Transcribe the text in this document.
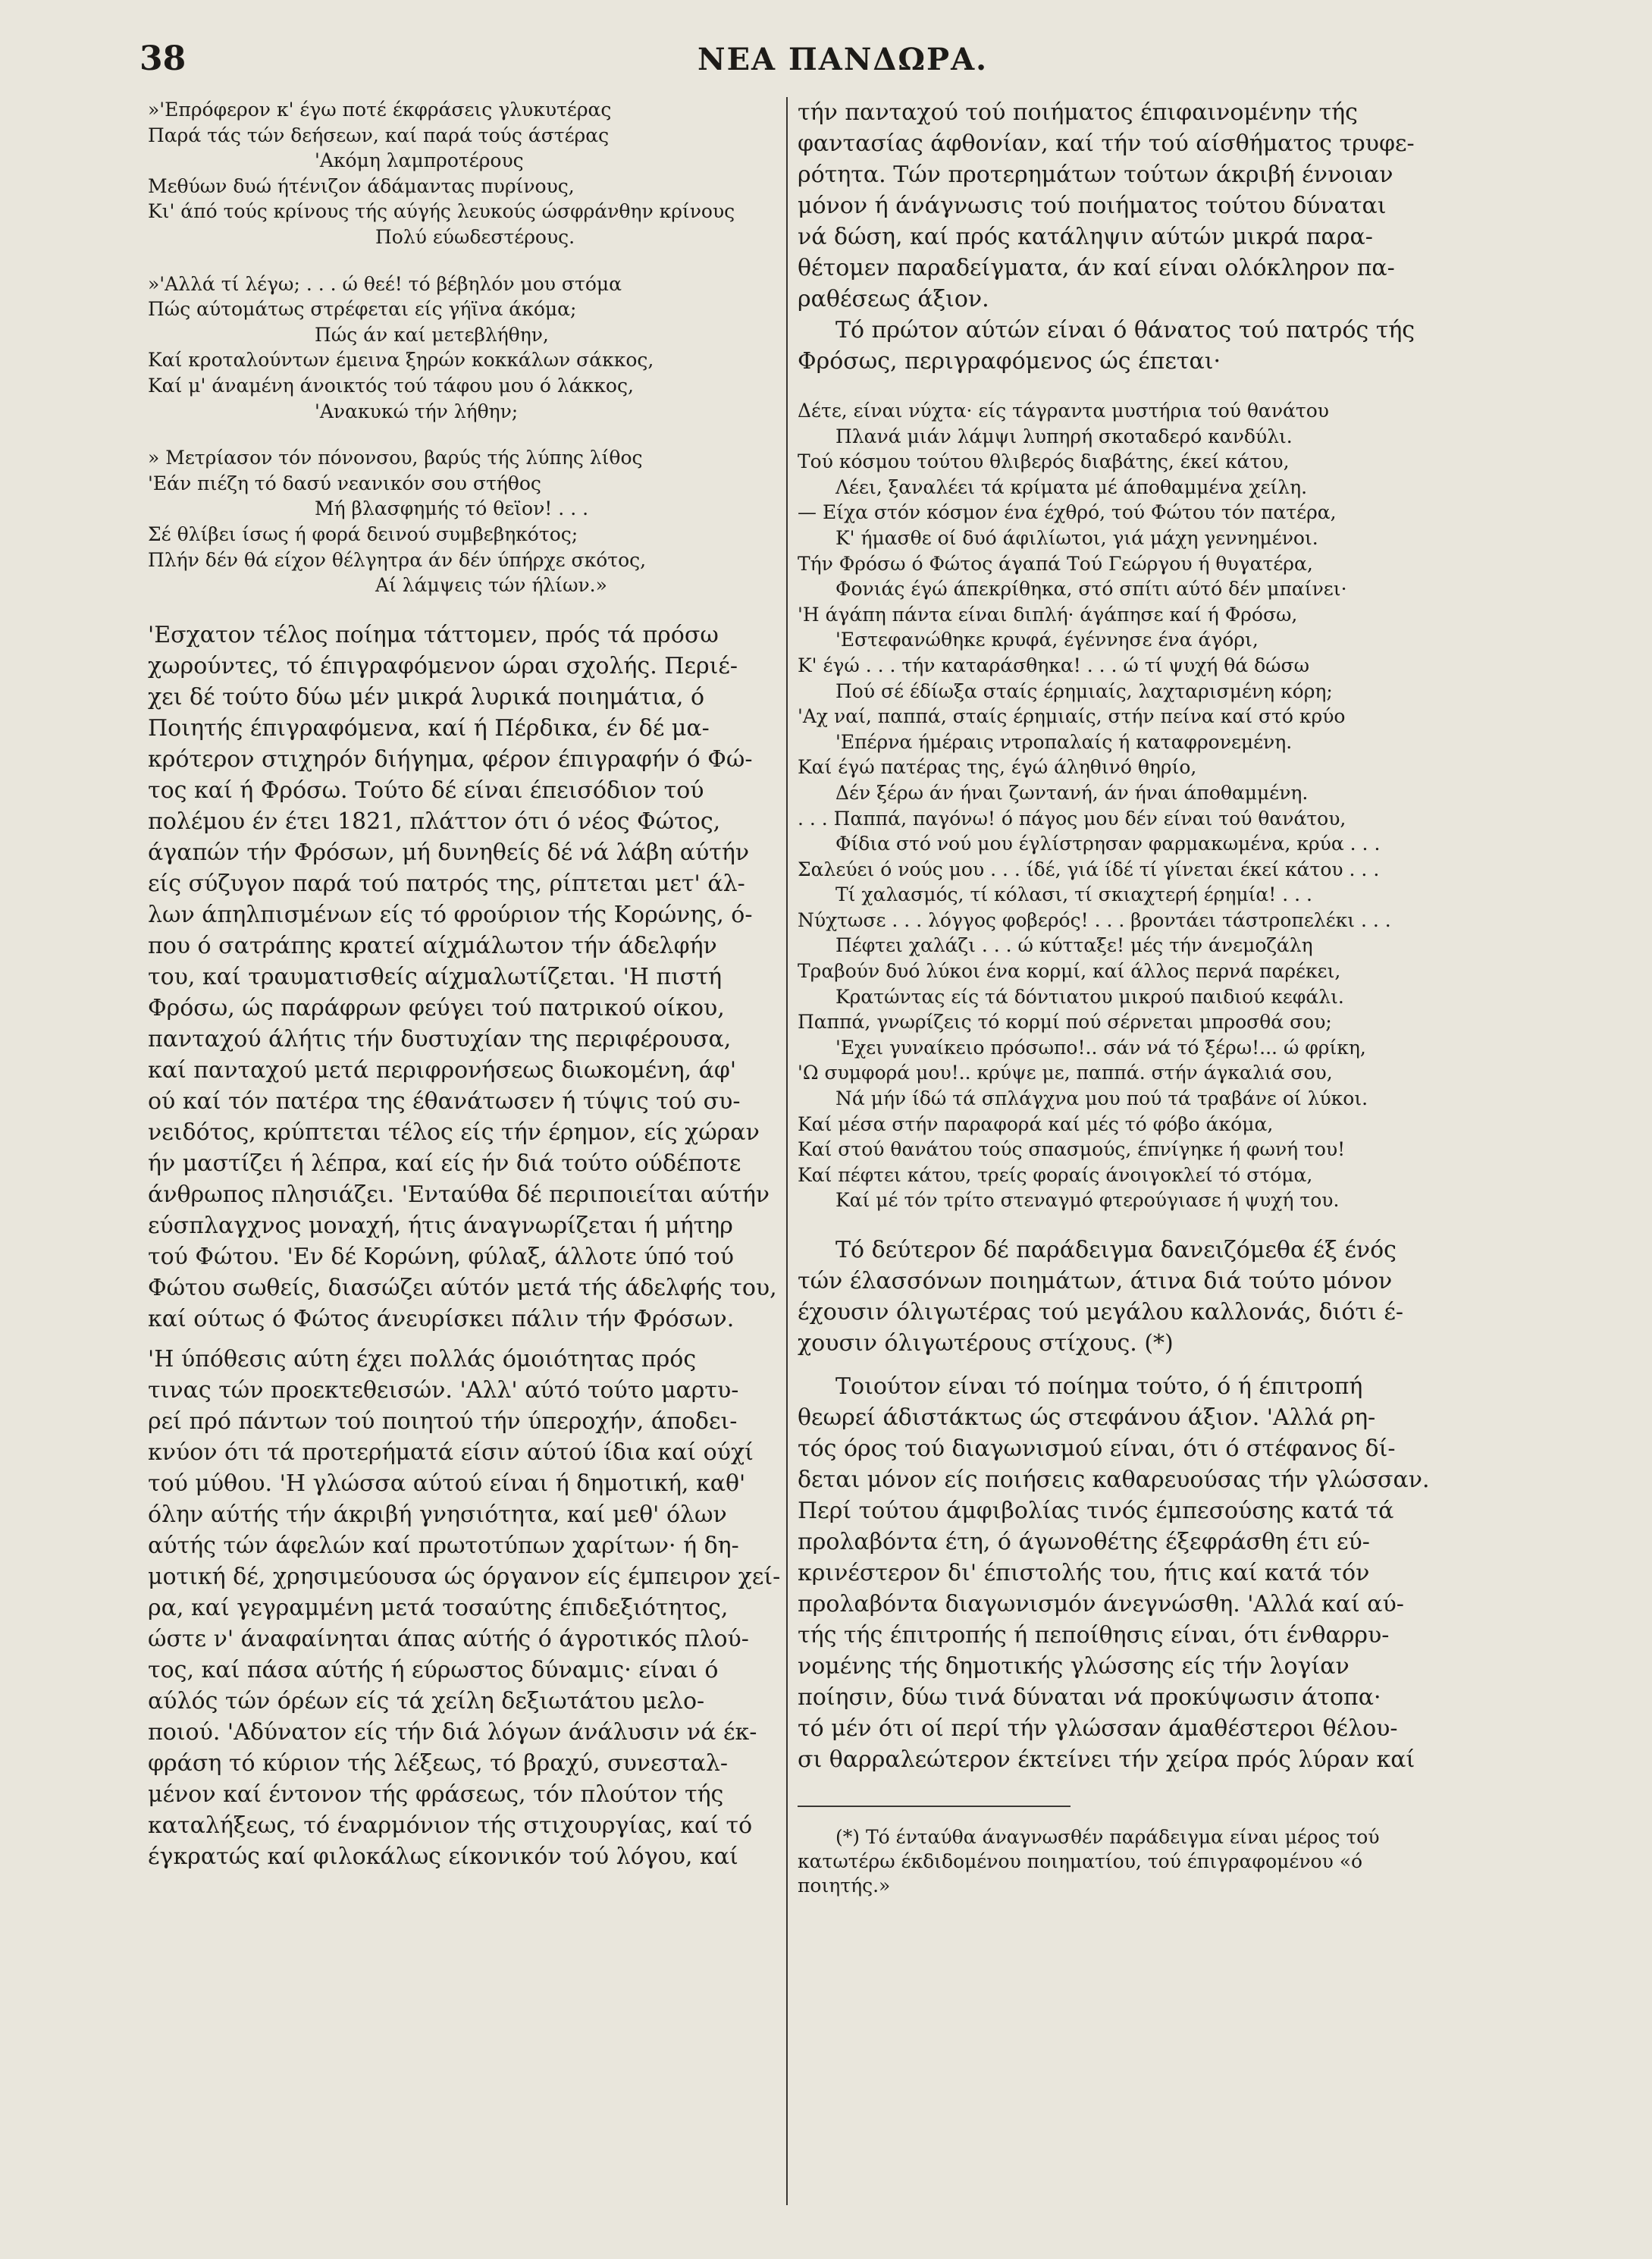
38	ΝΕΑ ΠΑΝΔΩΡΑ.
»'Επρόφερον κ' έγω ποτέ έκφράσεις γλυκυτέρας
Παρά τάς τών δεήσεων, καί παρά τούς άστέρας
'Ακόμη λαμπροτέρους
Μεθύων δυώ ήτένιζον άδάμαντας πυρίνους,
Κι' άπό τούς κρίνους τής αύγής λευκούς ώσφράνθην κρίνους
Πολύ εύωδεστέρους.
»'Αλλά τί λέγω; . . . ώ θεέ! τό βέβηλόν μου στόμα
Πώς αύτομάτως στρέφεται είς γήϊνα άκόμα;
Πώς άν καί μετεβλήθην,
Καί κροταλούντων έμεινα ξηρών κοκκάλων σάκκος,
Καί μ' άναμένη άνοικτός τού τάφου μου ό λάκκος,
'Ανακυκώ τήν λήθην;
» Μετρίασον τόν πόνονσου, βαρύς τής λύπης λίθος
'Εάν πιέζη τό δασύ νεανικόν σου στήθος
Μή βλασφημής τό θεϊον! . . .
Σέ θλίβει ίσως ή φορά δεινού συμβεβηκότος;
Πλήν δέν θά είχον θέλγητρα άν δέν ύπήρχε σκότος,
Αί λάμψεις τών ήλίων.»
'Εσχατον τέλος ποίημα τάττομεν, πρός τά πρόσω
χωρούντες, τό έπιγραφόμενον ώραι σχολής. Περιέ-
χει δέ τούτο δύω μέν μικρά λυρικά ποιημάτια, ό
Ποιητής έπιγραφόμενα, καί ή Πέρδικα, έν δέ μα-
κρότερον στιχηρόν διήγημα, φέρον έπιγραφήν ό Φώ-
τος καί ή Φρόσω. Τούτο δέ είναι έπεισόδιον τού
πολέμου έν έτει 1821, πλάττον ότι ό νέος Φώτος,
άγαπών τήν Φρόσων, μή δυνηθείς δέ νά λάβη αύτήν
είς σύζυγον παρά τού πατρός της, ρίπτεται μετ' άλ-
λων άπηλπισμένων είς τό φρούριον τής Κορώνης, ό-
που ό σατράπης κρατεί αίχμάλωτον τήν άδελφήν
του, καί τραυματισθείς αίχμαλωτίζεται. 'Η πιστή
Φρόσω, ώς παράφρων φεύγει τού πατρικού οίκου,
πανταχού άλήτις τήν δυστυχίαν της περιφέρουσα,
καί πανταχού μετά περιφρονήσεως διωκομένη, άφ'
ού καί τόν πατέρα της έθανάτωσεν ή τύψις τού συ-
νειδότος, κρύπτεται τέλος είς τήν έρημον, είς χώραν
ήν μαστίζει ή λέπρα, καί είς ήν διά τούτο ούδέποτε
άνθρωπος πλησιάζει. 'Ενταύθα δέ περιποιείται αύτήν
εύσπλαγχνος μοναχή, ήτις άναγνωρίζεται ή μήτηρ
τού Φώτου. 'Εν δέ Κορώνη, φύλαξ, άλλοτε ύπό τού
Φώτου σωθείς, διασώζει αύτόν μετά τής άδελφής του,
καί ούτως ό Φώτος άνευρίσκει πάλιν τήν Φρόσων.
'Η ύπόθεσις αύτη έχει πολλάς όμοιότητας πρός
τινας τών προεκτεθεισών. 'Αλλ' αύτό τούτο μαρτυ-
ρεί πρό πάντων τού ποιητού τήν ύπεροχήν, άποδει-
κνύον ότι τά προτερήματά είσιν αύτού ίδια καί ούχί
τού μύθου. 'Η γλώσσα αύτού είναι ή δημοτική, καθ'
όλην αύτής τήν άκριβή γνησιότητα, καί μεθ' όλων
αύτής τών άφελών καί πρωτοτύπων χαρίτων· ή δη-
μοτική δέ, χρησιμεύουσα ώς όργανον είς έμπειρον χεί-
ρα, καί γεγραμμένη μετά τοσαύτης έπιδεξιότητος,
ώστε ν' άναφαίνηται άπας αύτής ό άγροτικός πλού-
τος, καί πάσα αύτής ή εύρωστος δύναμις· είναι ό
αύλός τών όρέων είς τά χείλη δεξιωτάτου μελο-
ποιού. 'Αδύνατον είς τήν διά λόγων άνάλυσιν νά έκ-
φράση τό κύριον τής λέξεως, τό βραχύ, συνεσταλ-
μένον καί έντονον τής φράσεως, τόν πλούτον τής
καταλήξεως, τό έναρμόνιον τής στιχουργίας, καί τό
έγκρατώς καί φιλοκάλως είκονικόν τού λόγου, καί
τήν πανταχού τού ποιήματος έπιφαινομένην τής
φαντασίας άφθονίαν, καί τήν τού αίσθήματος τρυφε-
ρότητα. Τών προτερημάτων τούτων άκριβή έννοιαν
μόνον ή άνάγνωσις τού ποιήματος τούτου δύναται
νά δώση, καί πρός κατάληψιν αύτών μικρά παρα-
θέτομεν παραδείγματα, άν καί είναι ολόκληρον πα-
ραθέσεως άξιον.
Τό πρώτον αύτών είναι ό θάνατος τού πατρός τής
Φρόσως, περιγραφόμενος ώς έπεται·
Δέτε, είναι νύχτα· είς τάγραντα μυστήρια τού θανάτου
Πλανά μιάν λάμψι λυπηρή σκοταδερό κανδύλι.
Τού κόσμου τούτου θλιβερός διαβάτης, έκεί κάτου,
Λέει, ξαναλέει τά κρίματα μέ άποθαμμένα χείλη.
— Είχα στόν κόσμον ένα έχθρό, τού Φώτου τόν πατέρα,
Κ' ήμασθε οί δυό άφιλίωτοι, γιά μάχη γεννημένοι.
Τήν Φρόσω ό Φώτος άγαπά Τού Γεώργου ή θυγατέρα,
Φονιάς έγώ άπεκρίθηκα, στό σπίτι αύτό δέν μπαίνει·
'Η άγάπη πάντα είναι διπλή· άγάπησε καί ή Φρόσω,
'Εστεφανώθηκε κρυφά, έγέννησε ένα άγόρι,
Κ' έγώ . . . τήν καταράσθηκα! . . . ώ τί ψυχή θά δώσω
Πού σέ έδίωξα σταίς έρημιαίς, λαχταρισμένη κόρη;
'Αχ ναί, παππά, σταίς έρημιαίς, στήν πείνα καί στό κρύο
'Επέρνα ήμέραις ντροπαλαίς ή καταφρονεμένη.
Καί έγώ πατέρας της, έγώ άληθινό θηρίο,
Δέν ξέρω άν ήναι ζωντανή, άν ήναι άποθαμμένη.
. . . Παππά, παγόνω! ό πάγος μου δέν είναι τού θανάτου,
Φίδια στό νού μου έγλίστρησαν φαρμακωμένα, κρύα . . .
Σαλεύει ό νούς μου . . . ίδέ, γιά ίδέ τί γίνεται έκεί κάτου . . .
Τί χαλασμός, τί κόλασι, τί σκιαχτερή έρημία! . . .
Νύχτωσε . . . λόγγος φοβερός! . . . βροντάει τάστροπελέκι . . .
Πέφτει χαλάζι . . . ώ κύτταξε! μές τήν άνεμοζάλη
Τραβούν δυό λύκοι ένα κορμί, καί άλλος περνά παρέκει,
Κρατώντας είς τά δόντιατου μικρού παιδιού κεφάλι.
Παππά, γνωρίζεις τό κορμί πού σέρνεται μπροσθά σου;
'Εχει γυναίκειο πρόσωπο!.. σάν νά τό ξέρω!... ώ φρίκη,
'Ω συμφορά μου!.. κρύψε με, παππά. στήν άγκαλιά σου,
Νά μήν ίδώ τά σπλάγχνα μου πού τά τραβάνε οί λύκοι.
Καί μέσα στήν παραφορά καί μές τό φόβο άκόμα,
Καί στού θανάτου τούς σπασμούς, έπνίγηκε ή φωνή του!
Καί πέφτει κάτου, τρείς φοραίς άνοιγοκλεί τό στόμα,
Καί μέ τόν τρίτο στεναγμό φτερούγιασε ή ψυχή του.
Τό δεύτερον δέ παράδειγμα δανειζόμεθα έξ ένός
τών έλασσόνων ποιημάτων, άτινα διά τούτο μόνον
έχουσιν όλιγωτέρας τού μεγάλου καλλονάς, διότι έ-
χουσιν όλιγωτέρους στίχους. (*)
Τοιούτον είναι τό ποίημα τούτο, ό ή έπιτροπή
θεωρεί άδιστάκτως ώς στεφάνου άξιον. 'Αλλά ρη-
τός όρος τού διαγωνισμού είναι, ότι ό στέφανος δί-
δεται μόνον είς ποιήσεις καθαρευούσας τήν γλώσσαν.
Περί τούτου άμφιβολίας τινός έμπεσούσης κατά τά
προλαβόντα έτη, ό άγωνοθέτης έξεφράσθη έτι εύ-
κρινέστερον δι' έπιστολής του, ήτις καί κατά τόν
προλαβόντα διαγωνισμόν άνεγνώσθη. 'Αλλά καί αύ-
τής τής έπιτροπής ή πεποίθησις είναι, ότι ένθαρρυ-
νομένης τής δημοτικής γλώσσης είς τήν λογίαν
ποίησιν, δύω τινά δύναται νά προκύψωσιν άτοπα·
τό μέν ότι οί περί τήν γλώσσαν άμαθέστεροι θέλου-
σι θαρραλεώτερον έκτείνει τήν χείρα πρός λύραν καί
(*) Τό ένταύθα άναγνωσθέν παράδειγμα είναι μέρος τού
κατωτέρω έκδιδομένου ποιηματίου, τού έπιγραφομένου «ό
ποιητής.»
